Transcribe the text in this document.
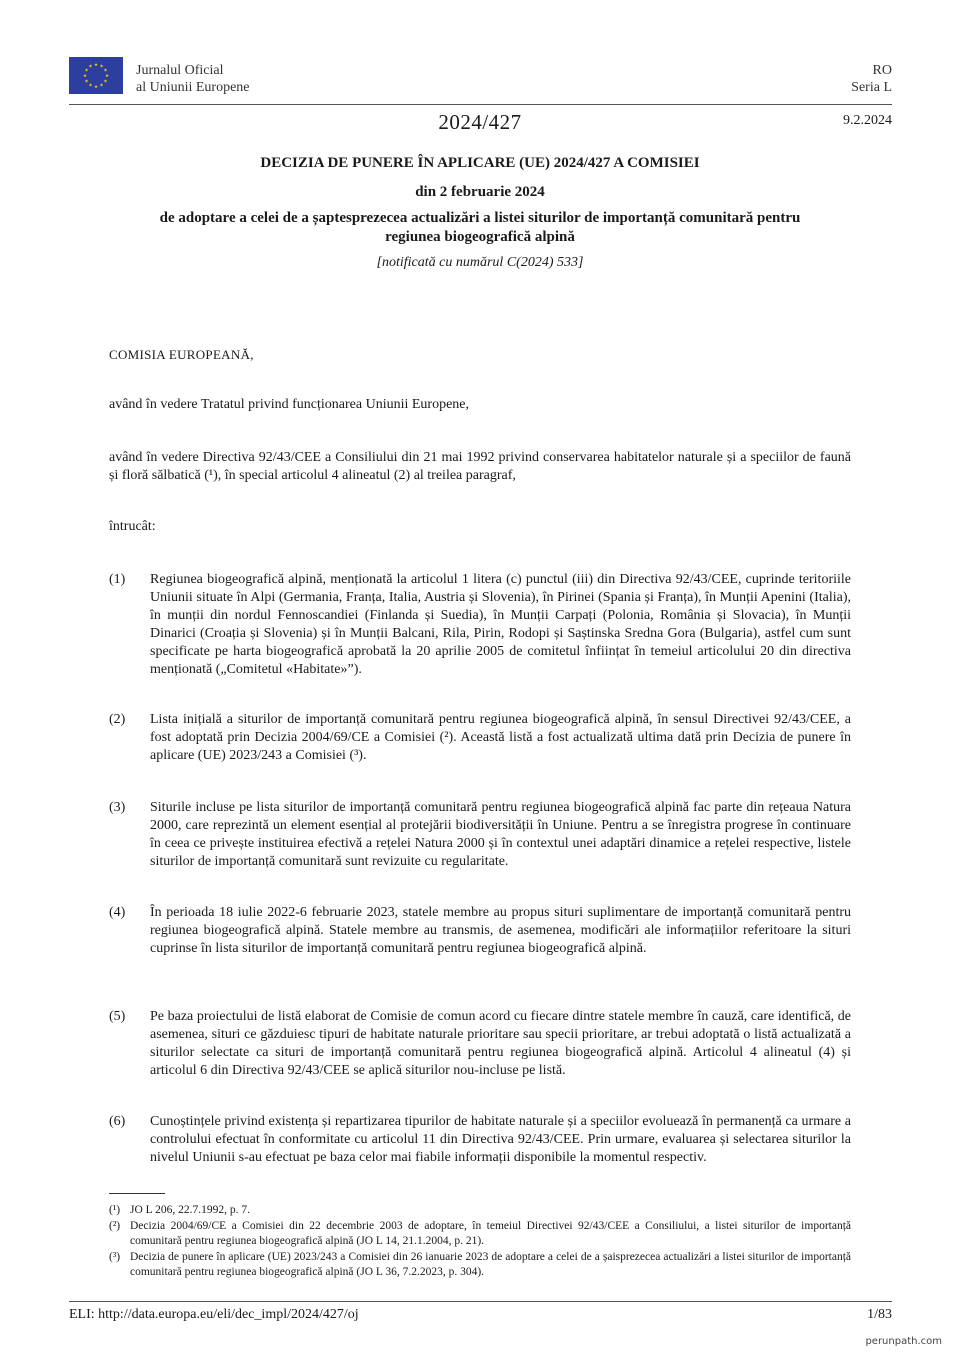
★ ★
★
★
★
★
★
★
★
★
★
★	Jurnalul Oficial
al Uniunii Europene
RO
Seria L
2024/427	9.2.2024
DECIZIA DE PUNERE ÎN APLICARE (UE) 2024/427 A COMISIEI
din 2 februarie 2024
de adoptare a celei de a șaptesprezecea actualizări a listei siturilor de importanță comunitară pentru regiunea biogeografică alpină
[notificată cu numărul C(2024) 533]
COMISIA EUROPEANĂ,
având în vedere Tratatul privind funcționarea Uniunii Europene,
având în vedere Directiva 92/43/CEE a Consiliului din 21 mai 1992 privind conservarea habitatelor naturale și a speciilor de faună și floră sălbatică (¹), în special articolul 4 alineatul (2) al treilea paragraf,
întrucât:
(1) Regiunea biogeografică alpină, menționată la articolul 1 litera (c) punctul (iii) din Directiva 92/43/CEE, cuprinde teritoriile Uniunii situate în Alpi (Germania, Franța, Italia, Austria și Slovenia), în Pirinei (Spania și Franța), în Munții Apenini (Italia), în munții din nordul Fennoscandiei (Finlanda și Suedia), în Munții Carpați (Polonia, România și Slovacia), în Munții Dinarici (Croația și Slovenia) și în Munții Balcani, Rila, Pirin, Rodopi și Saștinska Sredna Gora (Bulgaria), astfel cum sunt specificate pe harta biogeografică aprobată la 20 aprilie 2005 de comitetul înființat în temeiul articolului 20 din directiva menționată („Comitetul «Habitate»”).
(2) Lista inițială a siturilor de importanță comunitară pentru regiunea biogeografică alpină, în sensul Directivei 92/43/CEE, a fost adoptată prin Decizia 2004/69/CE a Comisiei (²). Această listă a fost actualizată ultima dată prin Decizia de punere în aplicare (UE) 2023/243 a Comisiei (³).
(3) Siturile incluse pe lista siturilor de importanță comunitară pentru regiunea biogeografică alpină fac parte din rețeaua Natura 2000, care reprezintă un element esențial al protejării biodiversității în Uniune. Pentru a se înregistra progrese în continuare în ceea ce privește instituirea efectivă a rețelei Natura 2000 și în contextul unei adaptări dinamice a rețelei respective, listele siturilor de importanță comunitară sunt revizuite cu regularitate.
(4) În perioada 18 iulie 2022-6 februarie 2023, statele membre au propus situri suplimentare de importanță comunitară pentru regiunea biogeografică alpină. Statele membre au transmis, de asemenea, modificări ale informațiilor referitoare la situri cuprinse în lista siturilor de importanță comunitară pentru regiunea biogeografică alpină.
(5) Pe baza proiectului de listă elaborat de Comisie de comun acord cu fiecare dintre statele membre în cauză, care identifică, de asemenea, situri ce găzduiesc tipuri de habitate naturale prioritare sau specii prioritare, ar trebui adoptată o listă actualizată a siturilor selectate ca situri de importanță comunitară pentru regiunea biogeografică alpină. Articolul 4 alineatul (4) și articolul 6 din Directiva 92/43/CEE se aplică siturilor nou-incluse pe listă.
(6) Cunoștințele privind existența și repartizarea tipurilor de habitate naturale și a speciilor evoluează în permanență ca urmare a controlului efectuat în conformitate cu articolul 11 din Directiva 92/43/CEE. Prin urmare, evaluarea și selectarea siturilor la nivelul Uniunii s-au efectuat pe baza celor mai fiabile informații disponibile la momentul respectiv.
(¹) JO L 206, 22.7.1992, p. 7.
(²) Decizia 2004/69/CE a Comisiei din 22 decembrie 2003 de adoptare, în temeiul Directivei 92/43/CEE a Consiliului, a listei siturilor de importanță comunitară pentru regiunea biogeografică alpină (JO L 14, 21.1.2004, p. 21).
(³) Decizia de punere în aplicare (UE) 2023/243 a Comisiei din 26 ianuarie 2023 de adoptare a celei de a șaisprezecea actualizări a listei siturilor de importanță comunitară pentru regiunea biogeografică alpină (JO L 36, 7.2.2023, p. 304).
ELI: http://data.europa.eu/eli/dec_impl/2024/427/oj	1/83
perunpath.com
